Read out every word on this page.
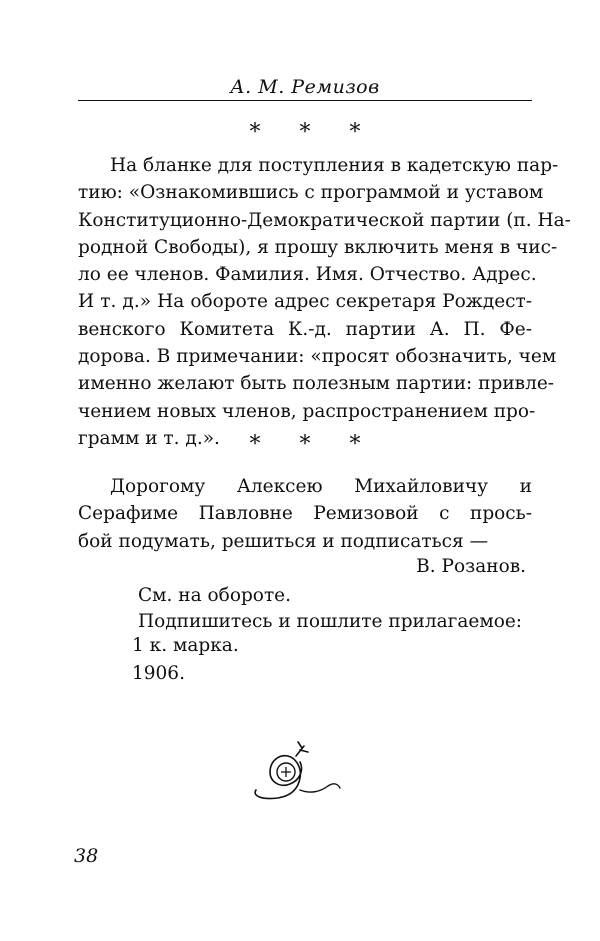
А. М. Ремизов
* * *
На бланке для поступления в кадетскую пар-
тию: «Ознакомившись с программой и уставом
Конституционно-Демократической партии (п. На-
родной Свободы), я прошу включить меня в чис-
ло ее членов. Фамилия. Имя. Отчество. Адрес.
И т. д.» На обороте адрес секретаря Рождест-
венского Комитета К.-д. партии А. П. Фе-
дорова. В примечании: «просят обозначить, чем
именно желают быть полезным партии: привле-
чением новых членов, распространением про-
грамм и т. д.».	* * *
Дорогому Алексею Михайловичу и
Серафиме Павловне Ремизовой с прось-
бой подумать, решиться и подписаться —
В. Розанов.
См. на обороте.
Подпишитесь и пошлите прилагаемое:
1 к. марка.
1906.
38
